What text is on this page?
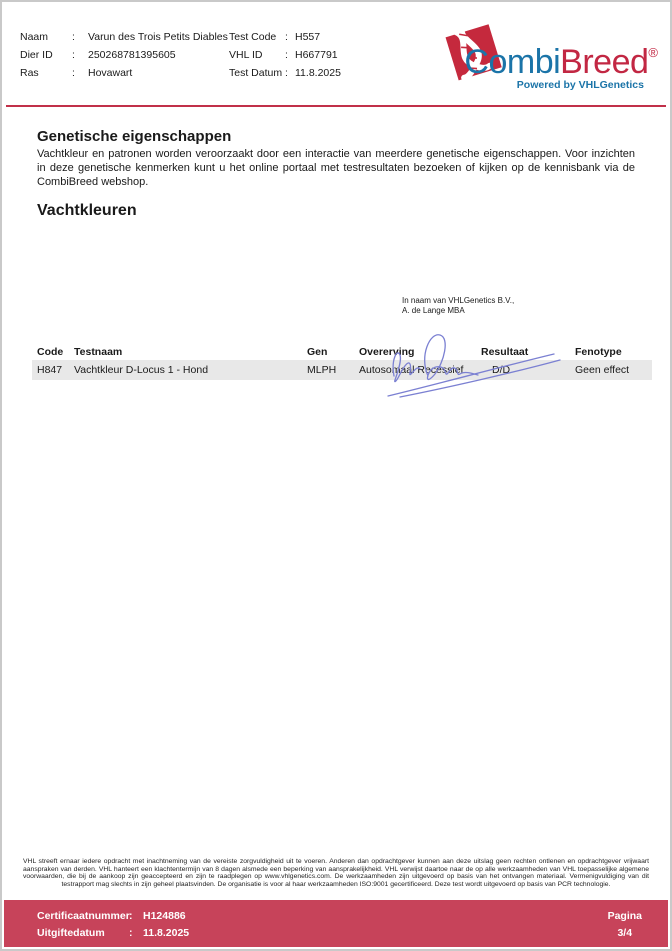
Naam	:	Varun des Trois Petits Diables
Dier ID	:	250268781395605
Ras	:	Hovawart
Test Code : H557
VHL ID	: H667791
Test Datum : 11.8.2025	CombiBreed®
Powered by VHLGenetics
Genetische eigenschappen

Vachtkleur en patronen worden veroorzaakt door een interactie van meerdere genetische eigenschappen. Voor inzichten in deze genetische kenmerken kunt u het online portaal met testresultaten bezoeken of kijken op de kennisbank via de CombiBreed webshop.

Vachtkleuren
Code	Testnaam	Gen	Overerving	Resultaat	Fenotype
H847	Vachtkleur D-Locus 1 - Hond	MLPH	Autosomaal Recessief	D/D	Geen effect
In naam van VHLGenetics B.V.,
A. de Lange MBA
VHL streeft ernaar iedere opdracht met inachtneming van de vereiste zorgvuldigheid uit te voeren. Anderen dan opdrachtgever kunnen aan deze uitslag geen rechten ontlenen en opdrachtgever vrijwaart aanspraken van derden. VHL hanteert een klachtentermijn van 8 dagen alsmede een beperking van aansprakelijkheid. VHL verwijst daartoe naar de op alle werkzaamheden van VHL toepasselijke algemene voorwaarden, die bij de aankoop zijn geaccepteerd en zijn te raadplegen op www.vhlgenetics.com. De werkzaamheden zijn uitgevoerd op basis van het ontvangen materiaal. Vermenigvuldiging van dit testrapport mag slechts in zijn geheel plaatsvinden. De organisatie is voor al haar werkzaamheden ISO:9001 gecertificeerd. Deze test wordt uitgevoerd op basis van PCR technologie.
Certificaatnummer :	H124886
Uitgiftedatum	:	11.8.2025
Pagina
3/4
